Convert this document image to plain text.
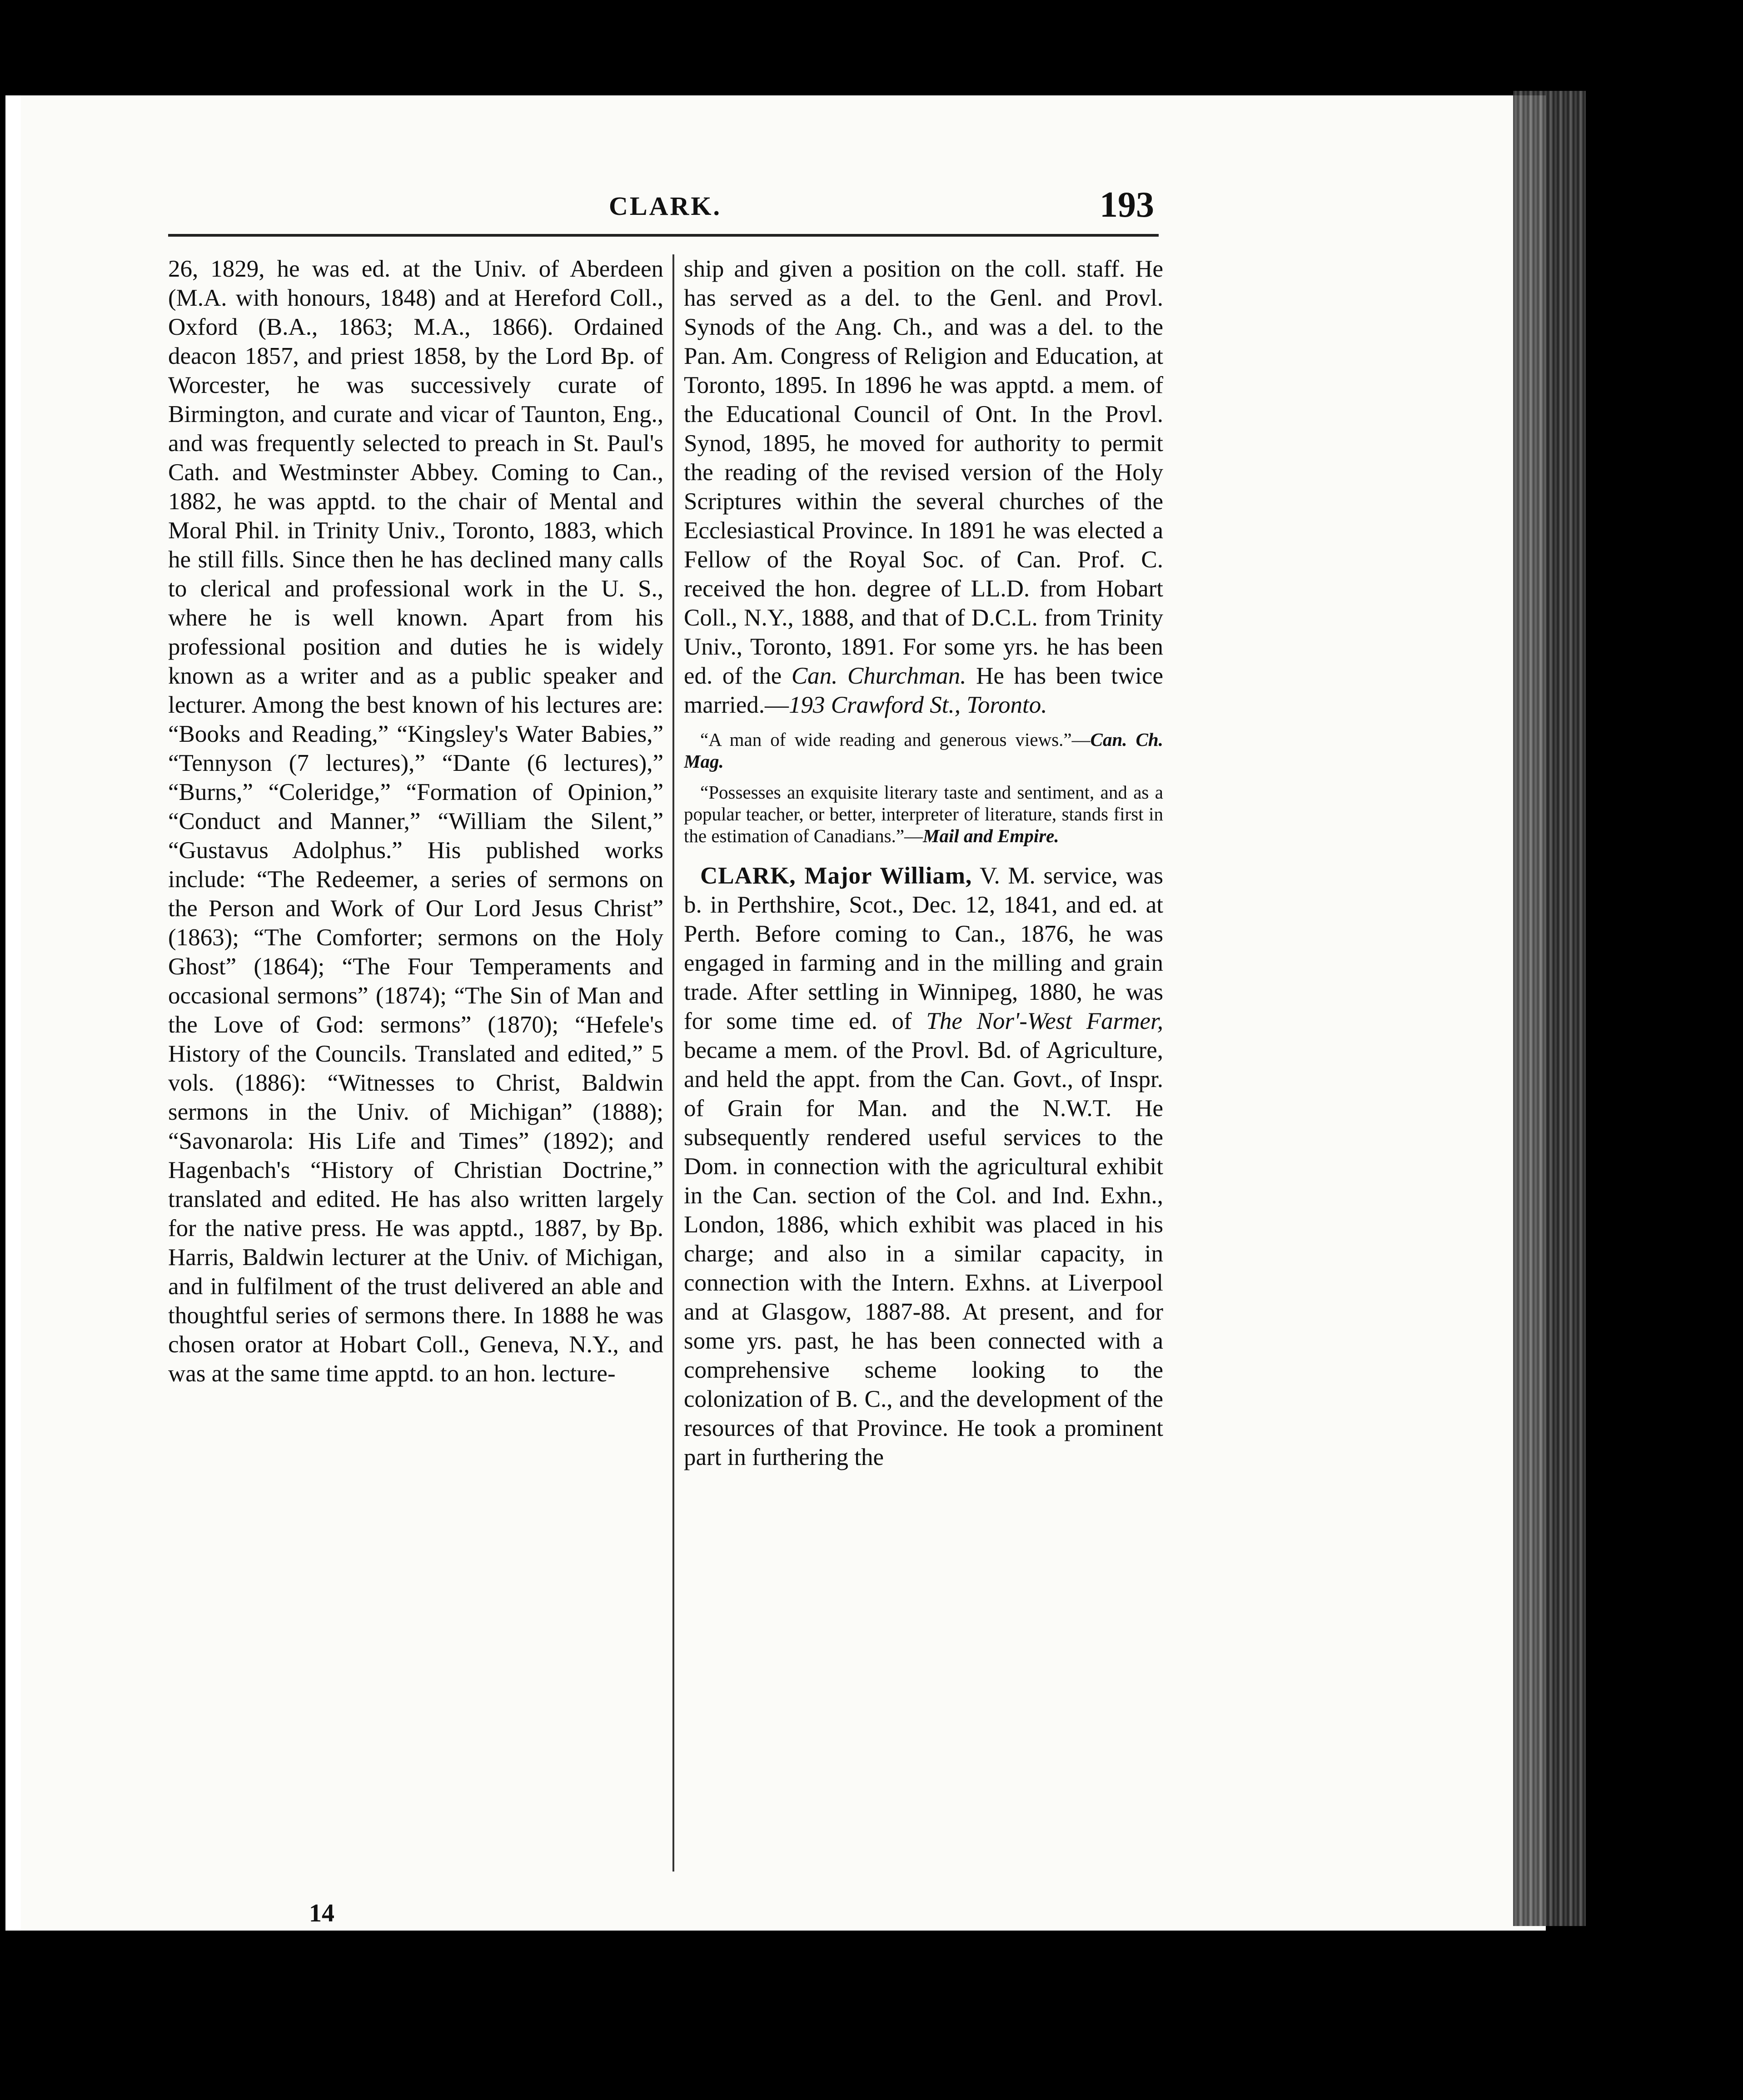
CLARK.	193

26, 1829, he was ed. at the Univ. of Aberdeen (M.A. with honours, 1848) and at Hereford Coll., Oxford (B.A., 1863; M.A., 1866). Ordained deacon 1857, and priest 1858, by the Lord Bp. of Worcester, he was successively curate of Birmington, and curate and vicar of Taunton, Eng., and was frequently selected to preach in St. Paul's Cath. and Westminster Abbey. Coming to Can., 1882, he was apptd. to the chair of Mental and Moral Phil. in Trinity Univ., Toronto, 1883, which he still fills. Since then he has declined many calls to clerical and professional work in the U. S., where he is well known. Apart from his professional position and duties he is widely known as a writer and as a public speaker and lecturer. Among the best known of his lectures are: “Books and Reading,” “Kingsley's Water Babies,” “Tennyson (7 lectures),” “Dante (6 lectures),” “Burns,” “Coleridge,” “Formation of Opinion,” “Conduct and Manner,” “William the Silent,” “Gustavus Adolphus.” His published works include: “The Redeemer, a series of sermons on the Person and Work of Our Lord Jesus Christ” (1863); “The Comforter; sermons on the Holy Ghost” (1864); “The Four Temperaments and occasional sermons” (1874); “The Sin of Man and the Love of God: sermons” (1870); “Hefele's History of the Councils. Translated and edited,” 5 vols. (1886): “Witnesses to Christ, Baldwin sermons in the Univ. of Michigan” (1888); “Savonarola: His Life and Times” (1892); and Hagenbach's “History of Christian Doctrine,” translated and edited. He has also written largely for the native press. He was apptd., 1887, by Bp. Harris, Baldwin lecturer at the Univ. of Michigan, and in fulfilment of the trust delivered an able and thoughtful series of sermons there. In 1888 he was chosen orator at Hobart Coll., Geneva, N.Y., and was at the same time apptd. to an hon. lecture-

ship and given a position on the coll. staff. He has served as a del. to the Genl. and Provl. Synods of the Ang. Ch., and was a del. to the Pan. Am. Congress of Religion and Education, at Toronto, 1895. In 1896 he was apptd. a mem. of the Educational Council of Ont. In the Provl. Synod, 1895, he moved for authority to permit the reading of the revised version of the Holy Scriptures within the several churches of the Ecclesiastical Province. In 1891 he was elected a Fellow of the Royal Soc. of Can. Prof. C. received the hon. degree of LL.D. from Hobart Coll., N.Y., 1888, and that of D.C.L. from Trinity Univ., Toronto, 1891. For some yrs. he has been ed. of the Can. Churchman. He has been twice married.—193 Crawford St., Toronto.

“A man of wide reading and generous views.”—Can. Ch. Mag.

“Possesses an exquisite literary taste and sentiment, and as a popular teacher, or better, interpreter of literature, stands first in the estimation of Canadians.”—Mail and Empire.

CLARK, Major William, V. M. service, was b. in Perthshire, Scot., Dec. 12, 1841, and ed. at Perth. Before coming to Can., 1876, he was engaged in farming and in the milling and grain trade. After settling in Winnipeg, 1880, he was for some time ed. of The Nor'-West Farmer, became a mem. of the Provl. Bd. of Agriculture, and held the appt. from the Can. Govt., of Inspr. of Grain for Man. and the N.W.T. He subsequently rendered useful services to the Dom. in connection with the agricultural exhibit in the Can. section of the Col. and Ind. Exhn., London, 1886, which exhibit was placed in his charge; and also in a similar capacity, in connection with the Intern. Exhns. at Liverpool and at Glasgow, 1887-88. At present, and for some yrs. past, he has been connected with a comprehensive scheme looking to the colonization of B. C., and the development of the resources of that Province. He took a prominent part in furthering the

14
